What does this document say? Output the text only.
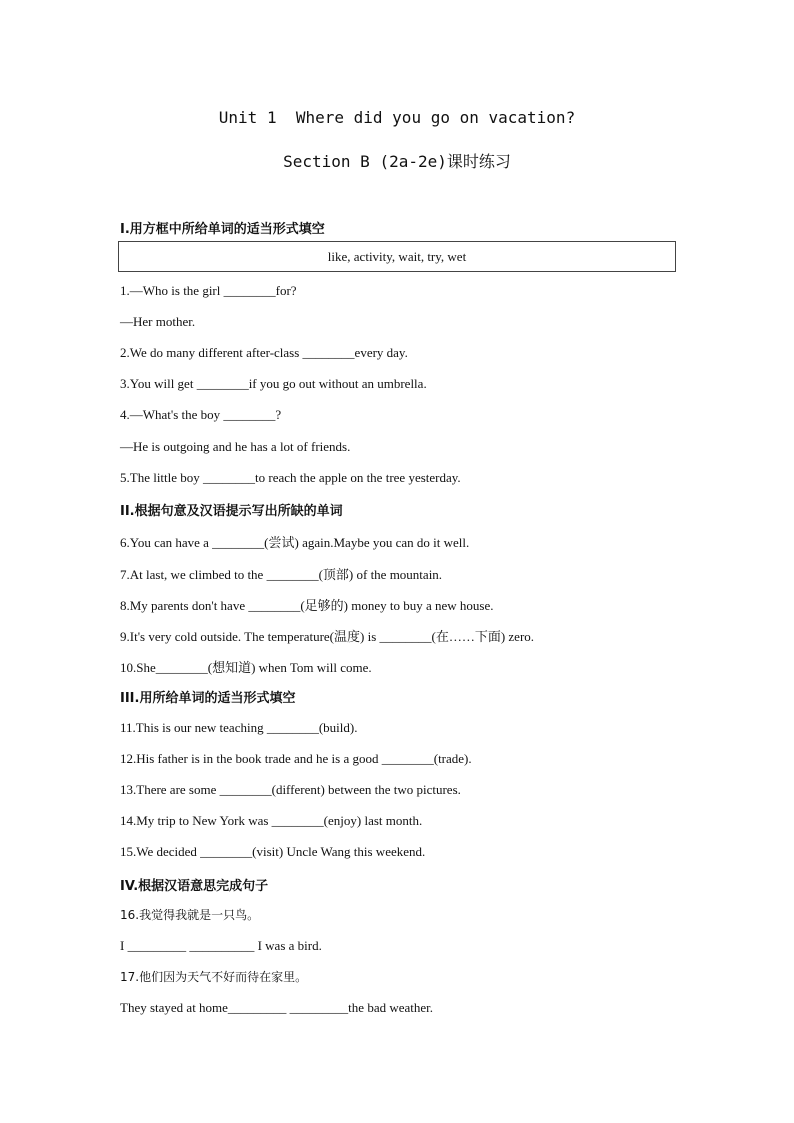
Unit 1  Where did you go on vacation?
Section B (2a-2e)课时练习
Ⅰ.用方框中所给单词的适当形式填空
like, activity, wait, try, wet
1.—Who is the girl ________for?
—Her mother.
2.We do many different after-class ________every day.
3.You will get ________if you go out without an umbrella.
4.—What's the boy ________?
—He is outgoing and he has a lot of friends.
5.The little boy ________to reach the apple on the tree yesterday.
II.根据句意及汉语提示写出所缺的单词
6.You can have a ________(尝试) again.Maybe you can do it well.
7.At last, we climbed to the ________(顶部) of the mountain.
8.My parents don't have ________(足够的) money to buy a new house.
9.It's very cold outside. The temperature(温度) is ________(在……下面) zero.
10.She________(想知道) when Tom will come.
III.用所给单词的适当形式填空
11.This is our new teaching ________(build).
12.His father is in the book trade and he is a good ________(trade).
13.There are some ________(different) between the two pictures.
14.My trip to New York was ________(enjoy) last month.
15.We decided ________(visit) Uncle Wang this weekend.
IV.根据汉语意思完成句子
16.我觉得我就是一只鸟。
I _________ __________ I was a bird.
17.他们因为天气不好而待在家里。
They stayed at home_________ _________the bad weather.
